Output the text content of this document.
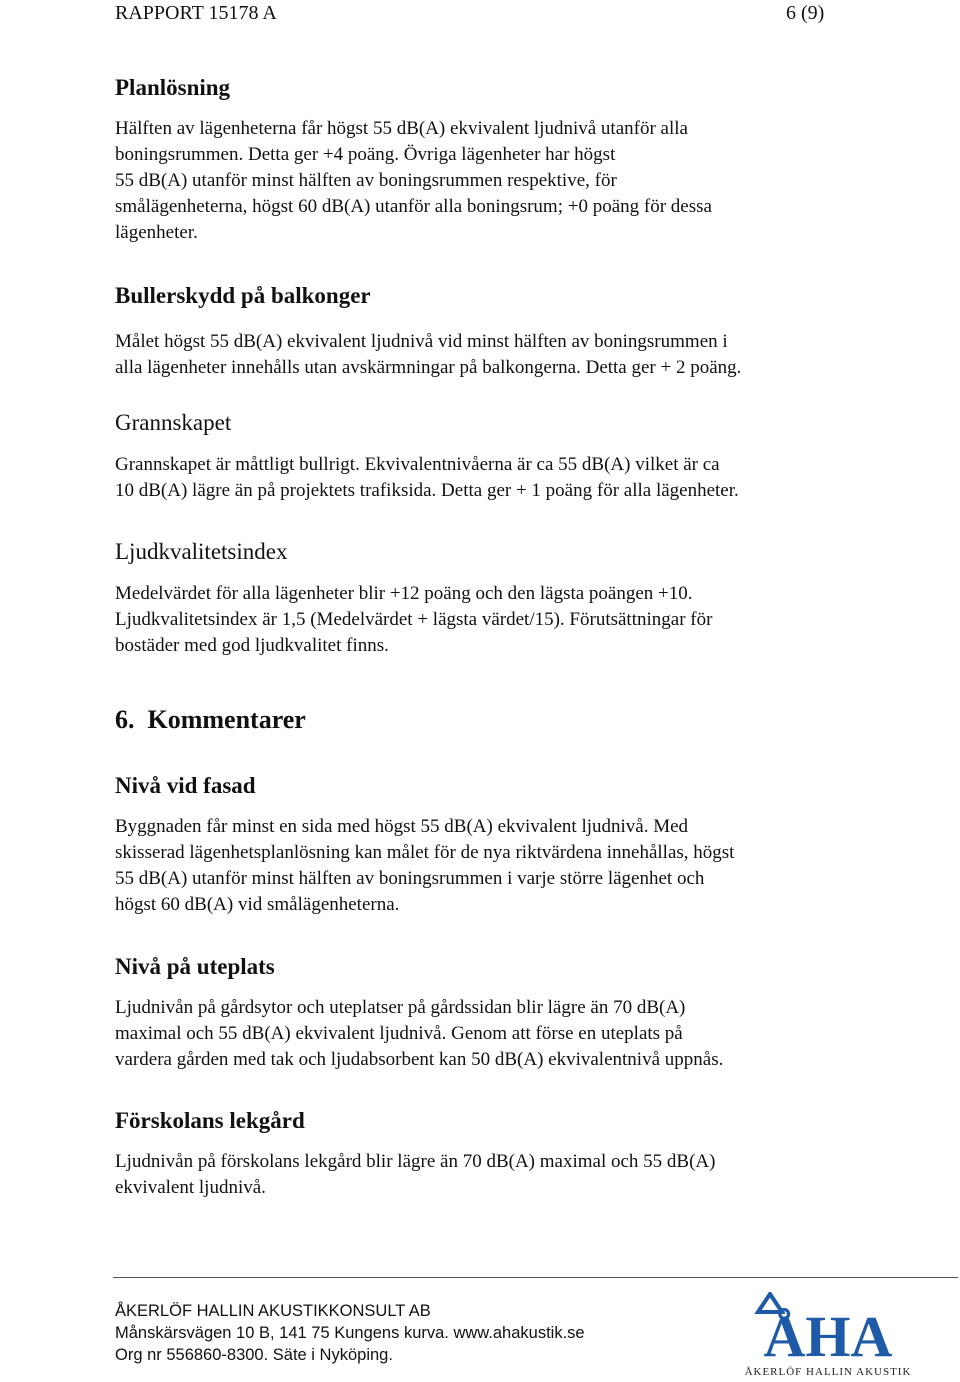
RAPPORT 15178 A	6 (9)
Planlösning

Hälften av lägenheterna får högst 55 dB(A) ekvivalent ljudnivå utanför alla
boningsrummen. Detta ger +4 poäng. Övriga lägenheter har högst
55 dB(A) utanför minst hälften av boningsrummen respektive, för
smålägenheterna, högst 60 dB(A) utanför alla boningsrum; +0 poäng för dessa
lägenheter.

Bullerskydd på balkonger

Målet högst 55 dB(A) ekvivalent ljudnivå vid minst hälften av boningsrummen i
alla lägenheter innehålls utan avskärmningar på balkongerna. Detta ger + 2 poäng.

Grannskapet

Grannskapet är måttligt bullrigt. Ekvivalentnivåerna är ca 55 dB(A) vilket är ca
10 dB(A) lägre än på projektets trafiksida. Detta ger + 1 poäng för alla lägenheter.

Ljudkvalitetsindex

Medelvärdet för alla lägenheter blir +12 poäng och den lägsta poängen +10.
Ljudkvalitetsindex är 1,5 (Medelvärdet + lägsta värdet/15). Förutsättningar för
bostäder med god ljudkvalitet finns.

6.  Kommentarer
Nivå vid fasad

Byggnaden får minst en sida med högst 55 dB(A) ekvivalent ljudnivå. Med
skisserad lägenhetsplanlösning kan målet för de nya riktvärdena innehållas, högst
55 dB(A) utanför minst hälften av boningsrummen i varje större lägenhet och
högst 60 dB(A) vid smålägenheterna.

Nivå på uteplats

Ljudnivån på gårdsytor och uteplatser på gårdssidan blir lägre än 70 dB(A)
maximal och 55 dB(A) ekvivalent ljudnivå. Genom att förse en uteplats på
vardera gården med tak och ljudabsorbent kan 50 dB(A) ekvivalentnivå uppnås.

Förskolans lekgård

Ljudnivån på förskolans lekgård blir lägre än 70 dB(A) maximal och 55 dB(A)
ekvivalent ljudnivå.

ÅKERLÖF HALLIN AKUSTIKKONSULT AB
Månskärsvägen 10 B, 141 75 Kungens kurva. www.ahakustik.se
Org nr 556860-8300. Säte i Nyköping.	ÅHA
ÅKERLÖF HALLIN AKUSTIK
